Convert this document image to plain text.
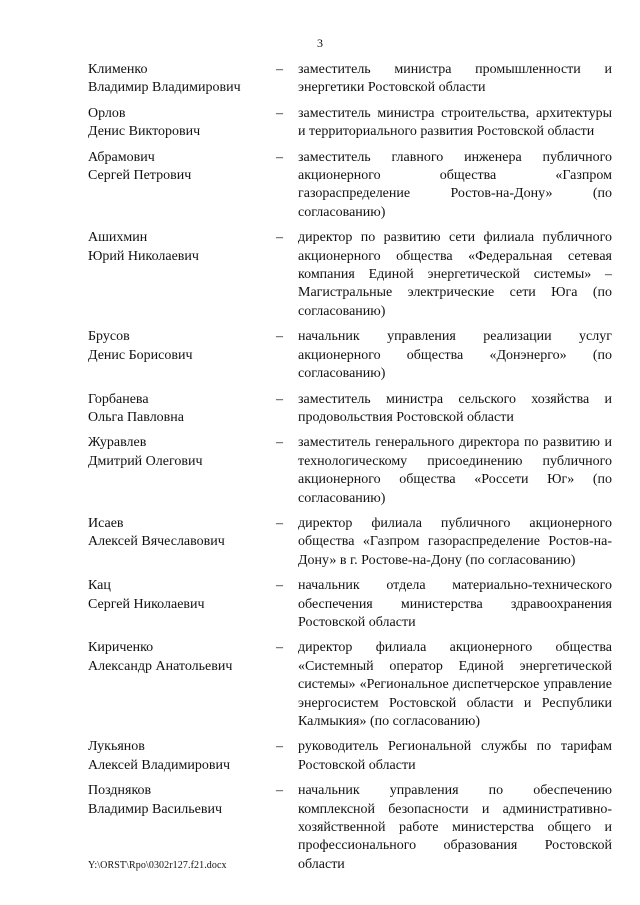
3
Клименко
Владимир Владимирович
–	заместитель министра промышленности и энергетики Ростовской области
Орлов
Денис Викторович
–	заместитель министра строительства, архитектуры и территориального развития Ростовской области
Абрамович
Сергей Петрович
–	заместитель главного инженера публичного акционерного общества «Газпром газораспределение Ростов-на-Дону» (по согласованию)
Ашихмин
Юрий Николаевич
–	директор по развитию сети филиала публичного акционерного общества «Федеральная сетевая компания Единой энергетической системы» – Магистральные электрические сети Юга (по согласованию)
Брусов
Денис Борисович
–	начальник управления реализации услуг акционерного общества «Донэнерго» (по согласованию)
Горбанева
Ольга Павловна
–	заместитель министра сельского хозяйства и продовольствия Ростовской области
Журавлев
Дмитрий Олегович
–	заместитель генерального директора по развитию и технологическому присоединению публичного акционерного общества «Россети Юг» (по согласованию)
Исаев
Алексей Вячеславович
–	директор филиала публичного акционерного общества «Газпром газораспределение Ростов-на-Дону» в г. Ростове-на-Дону (по согласованию)
Кац
Сергей Николаевич
–	начальник отдела материально-технического обеспечения министерства здравоохранения Ростовской области
Кириченко
Александр Анатольевич
–	директор филиала акционерного общества «Системный оператор Единой энергетической системы» «Региональное диспетчерское управление энергосистем Ростовской области и Республики Калмыкия» (по согласованию)
Лукьянов
Алексей Владимирович
–	руководитель Региональной службы по тарифам Ростовской области
Поздняков
Владимир Васильевич
–	начальник управления по обеспечению комплексной безопасности и административно-хозяйственной работе министерства общего и профессионального образования Ростовской области
Y:\ORST\Rpo\0302r127.f21.docx
